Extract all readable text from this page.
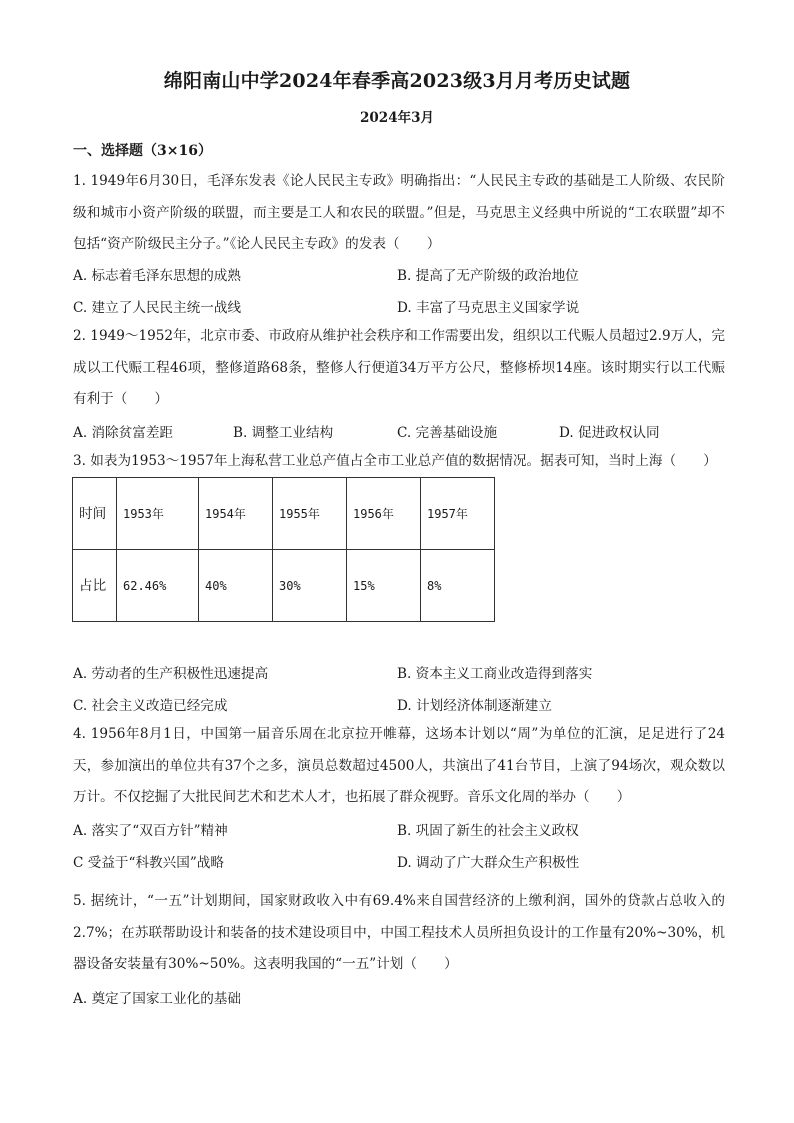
绵阳南山中学2024年春季高2023级3月月考历史试题
2024年3月
一、选择题（3×16）
1. 1949年6月30日，毛泽东发表《论人民民主专政》明确指出：“人民民主专政的基础是工人阶级、农民阶级和城市小资产阶级的联盟，而主要是工人和农民的联盟。”但是，马克思主义经典中所说的“工农联盟”却不包括“资产阶级民主分子。”《论人民民主专政》的发表（　　）
A. 标志着毛泽东思想的成熟	B. 提高了无产阶级的政治地位
C. 建立了人民民主统一战线	D. 丰富了马克思主义国家学说
2. 1949～1952年，北京市委、市政府从维护社会秩序和工作需要出发，组织以工代赈人员超过2.9万人，完成以工代赈工程46项，整修道路68条，整修人行便道34万平方公尺，整修桥坝14座。该时期实行以工代赈有利于（　　）
A. 消除贫富差距	B. 调整工业结构	C. 完善基础设施	D. 促进政权认同
3. 如表为1953～1957年上海私营工业总产值占全市工业总产值的数据情况。据表可知，当时上海（　　）
时间	1953年	1954年	1955年	1956年	1957年
占比	62.46%	40%	30%	15%	8%
A. 劳动者的生产积极性迅速提高	B. 资本主义工商业改造得到落实
C. 社会主义改造已经完成	D. 计划经济体制逐渐建立
4. 1956年8月1日，中国第一届音乐周在北京拉开帷幕，这场本计划以“周”为单位的汇演，足足进行了24天，参加演出的单位共有37个之多，演员总数超过4500人，共演出了41台节目，上演了94场次，观众数以万计。不仅挖掘了大批民间艺术和艺术人才，也拓展了群众视野。音乐文化周的举办（　　）
A. 落实了“双百方针”精神	B. 巩固了新生的社会主义政权
C 受益于“科教兴国”战略	D. 调动了广大群众生产积极性
5. 据统计，“一五”计划期间，国家财政收入中有69.4%来自国营经济的上缴利润，国外的贷款占总收入的2.7%；在苏联帮助设计和装备的技术建设项目中，中国工程技术人员所担负设计的工作量有20%~30%，机器设备安装量有30%~50%。这表明我国的“一五”计划（　　）
A. 奠定了国家工业化的基础
